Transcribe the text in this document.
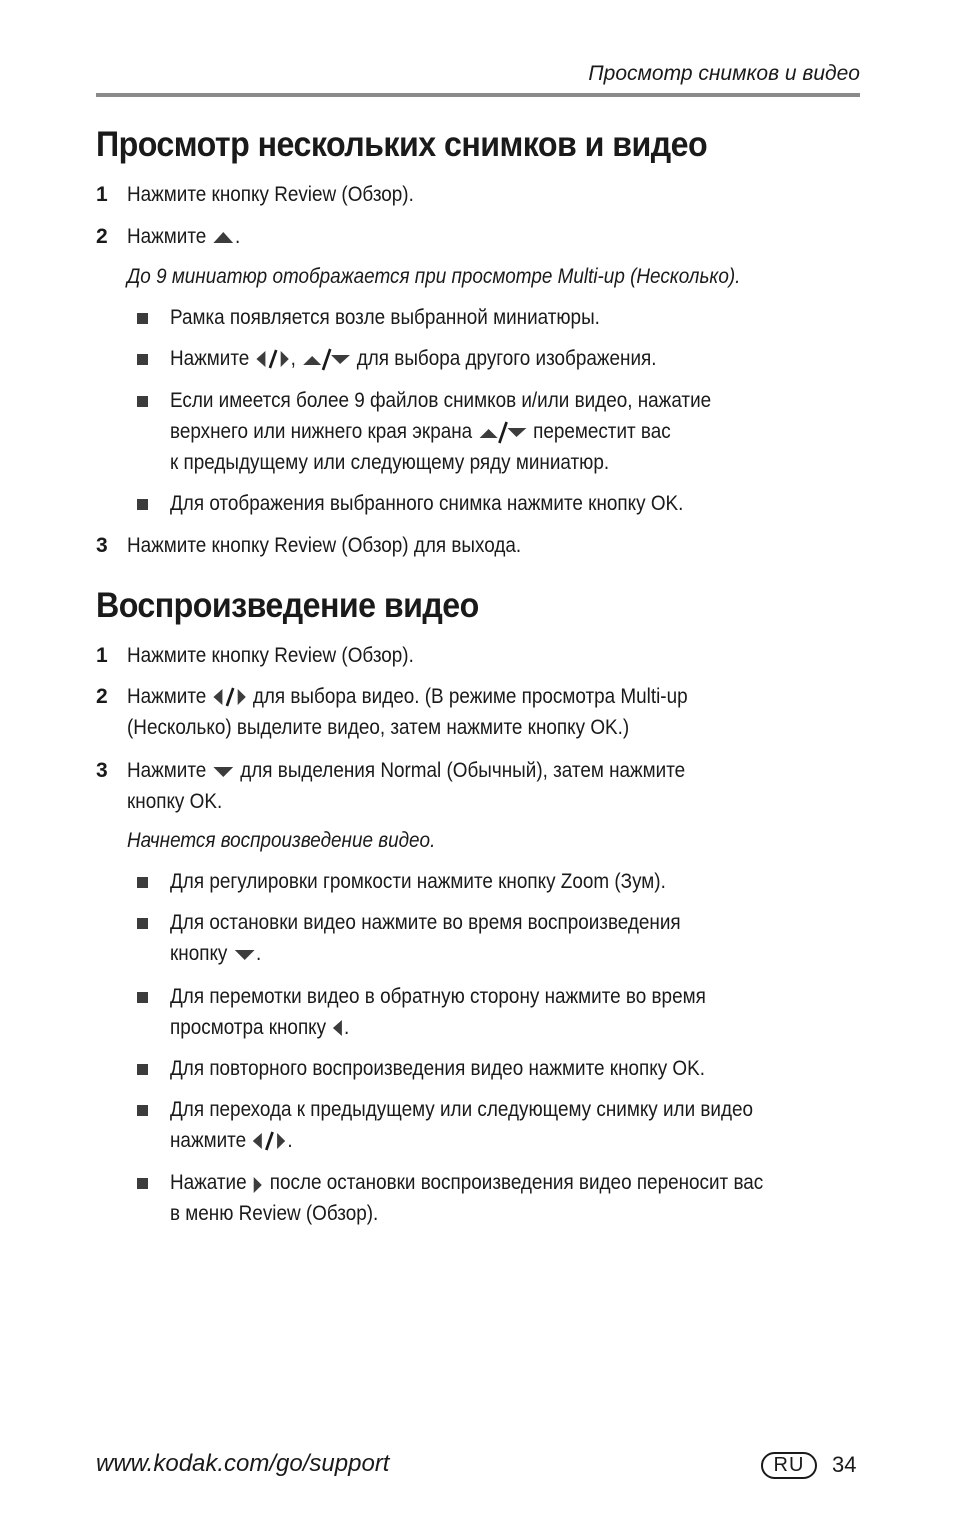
Просмотр снимков и видео
Просмотр нескольких снимков и видео
1 Нажмите кнопку Review (Обзор).
2 Нажмите .
До 9 миниатюр отображается при просмотре Multi-up (Несколько).
Рамка появляется возле выбранной миниатюры.
Нажмите ,	для выбора другого изображения.
Если имеется более 9 файлов снимков и/или видео, нажатие
верхнего или нижнего края экрана	переместит вас
к предыдущему или следующему ряду миниатюр.
Для отображения выбранного снимка нажмите кнопку OK.
3 Нажмите кнопку Review (Обзор) для выхода.
Воспроизведение видео
1 Нажмите кнопку Review (Обзор).
2 Нажмите для выбора видео. (В режиме просмотра Multi-up
(Несколько) выделите видео, затем нажмите кнопку OK.)
3 Нажмите для выделения Normal (Обычный), затем нажмите
кнопку OK.
Начнется воспроизведение видео.
Для регулировки громкости нажмите кнопку Zoom (Зум).
Для остановки видео нажмите во время воспроизведения
кнопку .
Для перемотки видео в обратную сторону нажмите во время
просмотра кнопку .
Для повторного воспроизведения видео нажмите кнопку OK.
Для перехода к предыдущему или следующему снимку или видео
нажмите .
Нажатие после остановки воспроизведения видео переносит вас
в меню Review (Обзор).
www.kodak.com/go/support	RU	34
